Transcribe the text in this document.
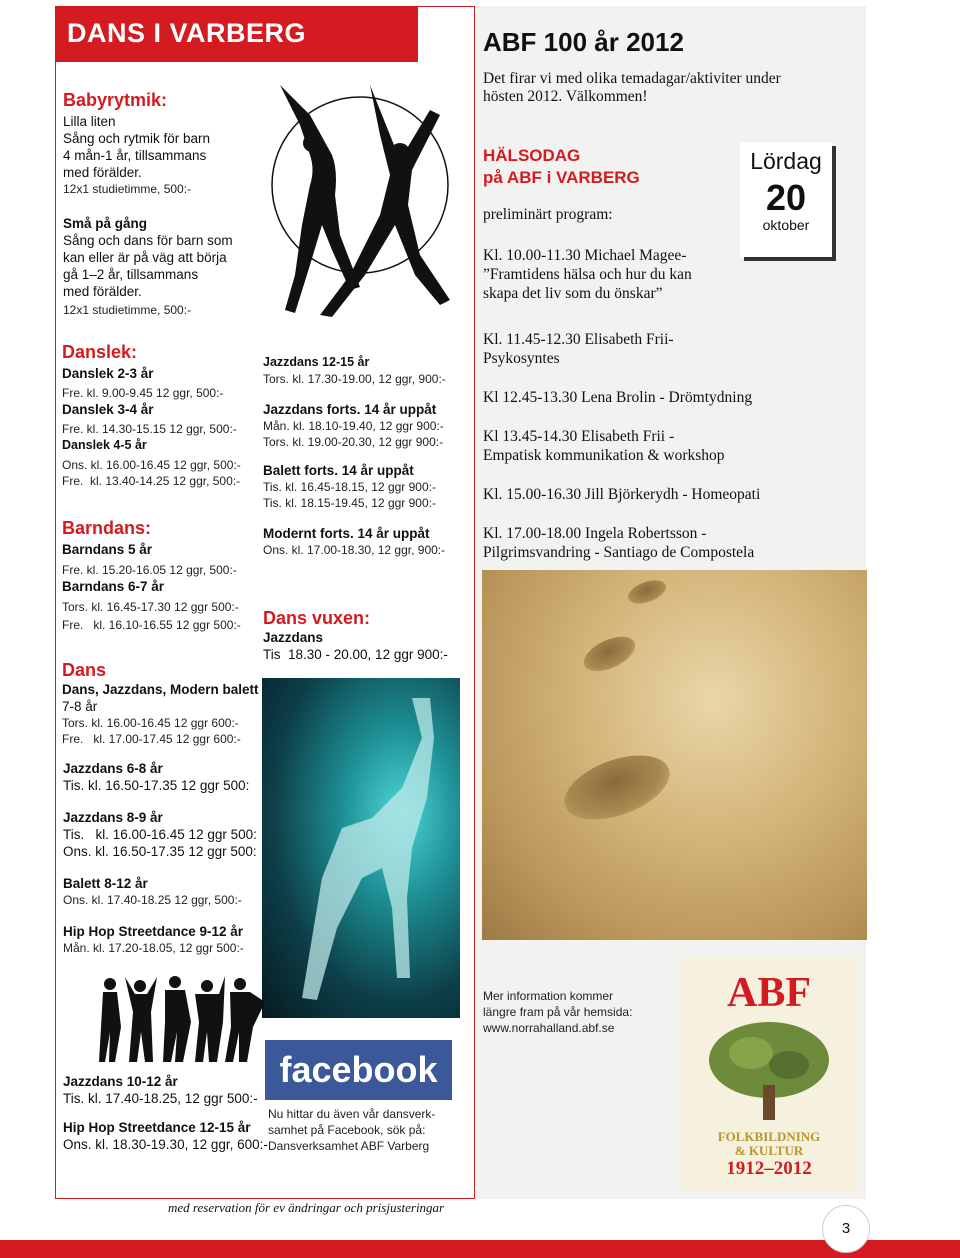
DANS I VARBERG
Babyrytmik:
Lilla liten
Sång och rytmik för barn
4 mån-1 år, tillsammans
med förälder.
12x1 studietimme, 500:-
Små på gång
Sång och dans för barn som
kan eller är på väg att börja
gå 1–2 år, tillsammans
med förälder.
12x1 studietimme, 500:-
Danslek:
Danslek 2-3 år
Fre. kl. 9.00-9.45 12 ggr, 500:-
Danslek 3-4 år
Fre. kl. 14.30-15.15 12 ggr, 500:-
Danslek 4-5 år
Ons. kl. 16.00-16.45 12 ggr, 500:-
Fre.  kl. 13.40-14.25 12 ggr, 500:-
Barndans:
Barndans 5 år
Fre. kl. 15.20-16.05 12 ggr, 500:-
Barndans 6-7 år
Tors. kl. 16.45-17.30 12 ggr 500:-
Fre.   kl. 16.10-16.55 12 ggr 500:-
Dans
Dans, Jazzdans, Modern balett
7-8 år
Tors. kl. 16.00-16.45 12 ggr 600:-
Fre.   kl. 17.00-17.45 12 ggr 600:-
Jazzdans 12-15 år
Tors. kl. 17.30-19.00, 12 ggr, 900:-
Jazzdans forts. 14 år uppåt
Mån. kl. 18.10-19.40, 12 ggr 900:-
Tors. kl. 19.00-20.30, 12 ggr 900:-
Balett forts. 14 år uppåt
Tis. kl. 16.45-18.15, 12 ggr 900:-
Tis. kl. 18.15-19.45, 12 ggr 900:-
Modernt forts. 14 år uppåt
Ons. kl. 17.00-18.30, 12 ggr, 900:-
Dans vuxen:
Jazzdans
Tis  18.30 - 20.00, 12 ggr 900:-
Jazzdans 6-8 år
Tis. kl. 16.50-17.35 12 ggr 500:
Jazzdans 8-9 år
Tis.   kl. 16.00-16.45 12 ggr 500:
Ons. kl. 16.50-17.35 12 ggr 500:
Balett 8-12 år
Ons. kl. 17.40-18.25 12 ggr, 500:-
Hip Hop Streetdance 9-12 år
Mån. kl. 17.20-18.05, 12 ggr 500:-
Jazzdans 10-12 år
Tis. kl. 17.40-18.25, 12 ggr 500:-
Hip Hop Streetdance 12-15 år
Ons. kl. 18.30-19.30, 12 ggr, 600:-
facebook
Nu hittar du även vår dansverk-
samhet på Facebook, sök på:
Dansverksamhet ABF Varberg
med reservation för ev ändringar och prisjusteringar
ABF 100 år 2012
Det firar vi med olika temadagar/aktiviter under
hösten 2012. Välkommen!
HÄLSODAG
på ABF i VARBERG
Lördag
20
oktober
preliminärt program:
Kl. 10.00-11.30 Michael Magee-
”Framtidens hälsa och hur du kan
skapa det liv som du önskar”
Kl. 11.45-12.30 Elisabeth Frii-
Psykosyntes
Kl 12.45-13.30 Lena Brolin - Drömtydning
Kl 13.45-14.30 Elisabeth Frii -
Empatisk kommunikation & workshop
Kl. 15.00-16.30 Jill Björkerydh - Homeopati
Kl. 17.00-18.00 Ingela Robertsson -
Pilgrimsvandring - Santiago de Compostela
Mer information kommer
längre fram på vår hemsida:
www.norrahalland.abf.se
ABF
FOLKBILDNING
& KULTUR
1912–2012
3
